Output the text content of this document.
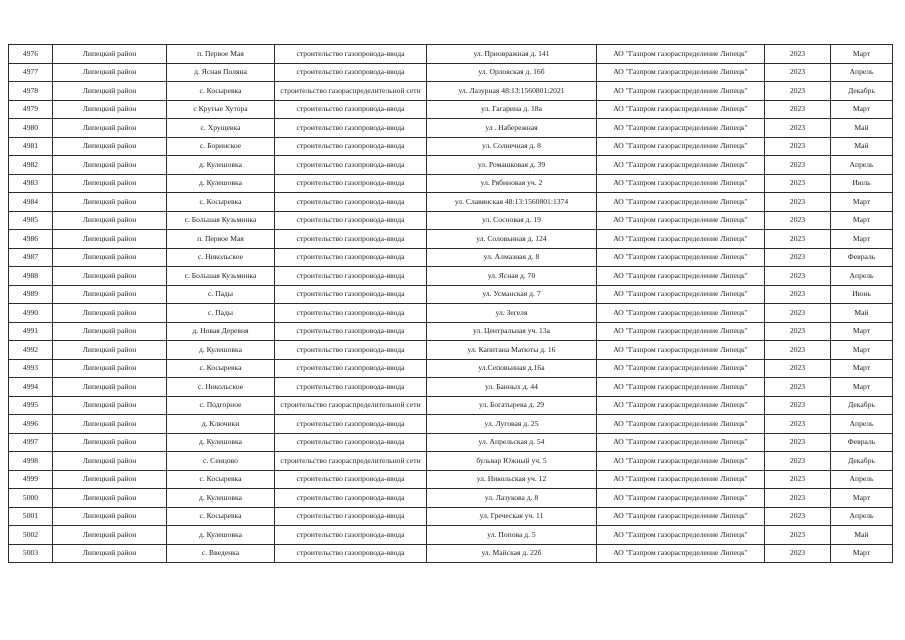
4976	Липецкий район	п. Первое Мая	строительство газопровода-ввода	ул. Приовражная д. 141	АО "Газпром газораспределение Липецк"	2023	Март
4977	Липецкий район	д. Ясная Поляна	строительство газопровода-ввода	ул. Орловская д. 16б	АО "Газпром газораспределение Липецк"	2023	Апрель
4978	Липецкий район	с. Косыревка	строительство газораспределительной сети	ул. Лазурная 48:13:1560801:2021	АО "Газпром газораспределение Липецк"	2023	Декабрь
4979	Липецкий район	с Крутые Хутора	строительство газопровода-ввода	ул. Гагарина д. 18а	АО "Газпром газораспределение Липецк"	2023	Март
4980	Липецкий район	с. Хрущевка	строительство газопровода-ввода	ул . Набережная	АО "Газпром газораспределение Липецк"	2023	Май
4981	Липецкий район	с. Боринское	строительство газопровода-ввода	ул. Солнечная д. 8	АО "Газпром газораспределение Липецк"	2023	Май
4982	Липецкий район	д. Кулешовка	строительство газопровода-ввода	ул. Ромашковая д. 39	АО "Газпром газораспределение Липецк"	2023	Апрель
4983	Липецкий район	д. Кулешовка	строительство газопровода-ввода	ул. Рябиновая уч. 2	АО "Газпром газораспределение Липецк"	2023	Июль
4984	Липецкий район	с. Косыревка	строительство газопровода-ввода	ул. Славянская 48:13:1560801:1374	АО "Газпром газораспределение Липецк"	2023	Март
4985	Липецкий район	с. Большая Кузьминка	строительство газопровода-ввода	ул. Сосновая д. 19	АО "Газпром газораспределение Липецк"	2023	Март
4986	Липецкий район	п. Первое Мая	строительство газопровода-ввода	ул. Соловьиная д. 124	АО "Газпром газораспределение Липецк"	2023	Март
4987	Липецкий район	с. Никольское	строительство газопровода-ввода	ул. Алмазная д. 8	АО "Газпром газораспределение Липецк"	2023	Февраль
4988	Липецкий район	с. Большая Кузьминка	строительство газопровода-ввода	ул. Ясная д. 70	АО "Газпром газораспределение Липецк"	2023	Апрель
4989	Липецкий район	с. Пады	строительство газопровода-ввода	ул. Усманская д. 7	АО "Газпром газораспределение Липецк"	2023	Июнь
4990	Липецкий район	с. Пады	строительство газопровода-ввода	ул. Зегеля	АО "Газпром газораспределение Липецк"	2023	Май
4991	Липецкий район	д. Новая Деревня	строительство газопровода-ввода	ул. Центральная уч. 13а	АО "Газпром газораспределение Липецк"	2023	Март
4992	Липецкий район	д. Кулешовка	строительство газопровода-ввода	ул. Капитана Матюты д. 16	АО "Газпром газораспределение Липецк"	2023	Март
4993	Липецкий район	с. Косыревка	строительство газопровода-ввода	ул.Сеповьиная д.16а	АО "Газпром газораспределение Липецк"	2023	Март
4994	Липецкий район	с. Никольское	строительство газопровода-ввода	ул. Банных д. 44	АО "Газпром газораспределение Липецк"	2023	Март
4995	Липецкий район	с. Подгорное	строительство газораспределительной сети	ул. Богатырева д. 29	АО "Газпром газораспределение Липецк"	2023	Декабрь
4996	Липецкий район	д. Ключики	строительство газопровода-ввода	ул. Луговая д. 25	АО "Газпром газораспределение Липецк"	2023	Апрель
4997	Липецкий район	д. Кулешовка	строительство газопровода-ввода	ул. Апрельская д. 54	АО "Газпром газораспределение Липецк"	2023	Февраль
4998	Липецкий район	с. Сенцово	строительство газораспределительной сети	бульвар Южный уч. 5	АО "Газпром газораспределение Липецк"	2023	Декабрь
4999	Липецкий район	с. Косыревка	строительство газопровода-ввода	ул. Никольская уч. 12	АО "Газпром газораспределение Липецк"	2023	Апрель
5000	Липецкий район	д. Кулешовка	строительство газопровода-ввода	ул. Лазукова д. 8	АО "Газпром газораспределение Липецк"	2023	Март
5001	Липецкий район	с. Косыревка	строительство газопровода-ввода	ул. Греческая уч. 11	АО "Газпром газораспределение Липецк"	2023	Апрель
5002	Липецкий район	д. Кулешовка	строительство газопровода-ввода	ул. Попова д. 5	АО "Газпром газораспределение Липецк"	2023	Май
5003	Липецкий район	с. Введенка	строительство газопровода-ввода	ул. Майская д. 22б	АО "Газпром газораспределение Липецк"	2023	Март
